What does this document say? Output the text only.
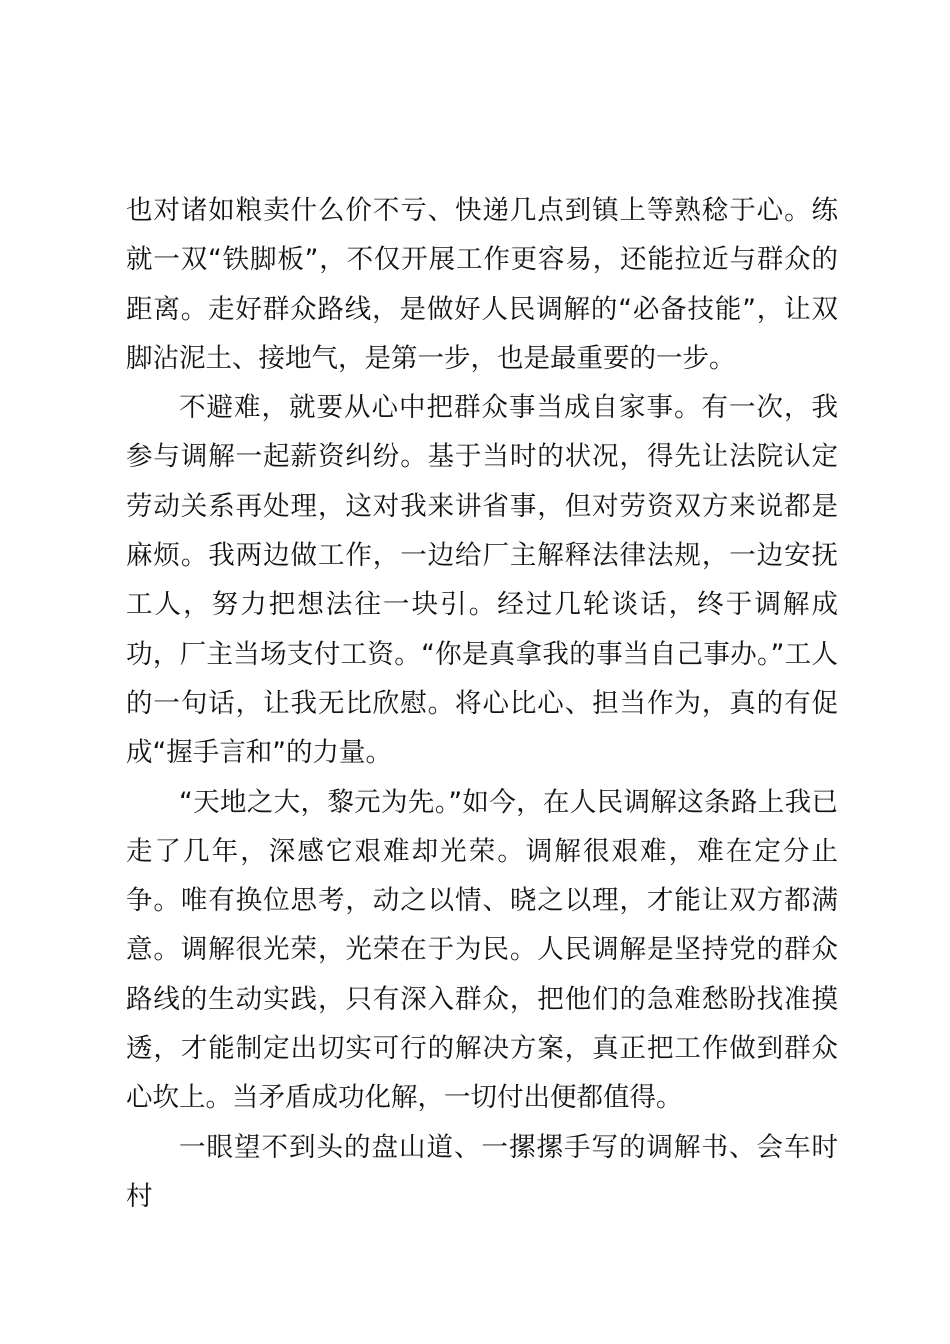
也对诸如粮卖什么价不亏、快递几点到镇上等熟稔于心。练就一双“铁脚板”，不仅开展工作更容易，还能拉近与群众的距离。走好群众路线，是做好人民调解的“必备技能”，让双脚沾泥土、接地气，是第一步，也是最重要的一步。

不避难，就要从心中把群众事当成自家事。有一次，我参与调解一起薪资纠纷。基于当时的状况，得先让法院认定劳动关系再处理，这对我来讲省事，但对劳资双方来说都是麻烦。我两边做工作，一边给厂主解释法律法规，一边安抚工人，努力把想法往一块引。经过几轮谈话，终于调解成功，厂主当场支付工资。“你是真拿我的事当自己事办。”工人的一句话，让我无比欣慰。将心比心、担当作为，真的有促成“握手言和”的力量。

“天地之大，黎元为先。”如今，在人民调解这条路上我已走了几年，深感它艰难却光荣。调解很艰难，难在定分止争。唯有换位思考，动之以情、晓之以理，才能让双方都满意。调解很光荣，光荣在于为民。人民调解是坚持党的群众路线的生动实践，只有深入群众，把他们的急难愁盼找准摸透，才能制定出切实可行的解决方案，真正把工作做到群众心坎上。当矛盾成功化解，一切付出便都值得。

一眼望不到头的盘山道、一摞摞手写的调解书、会车时村
